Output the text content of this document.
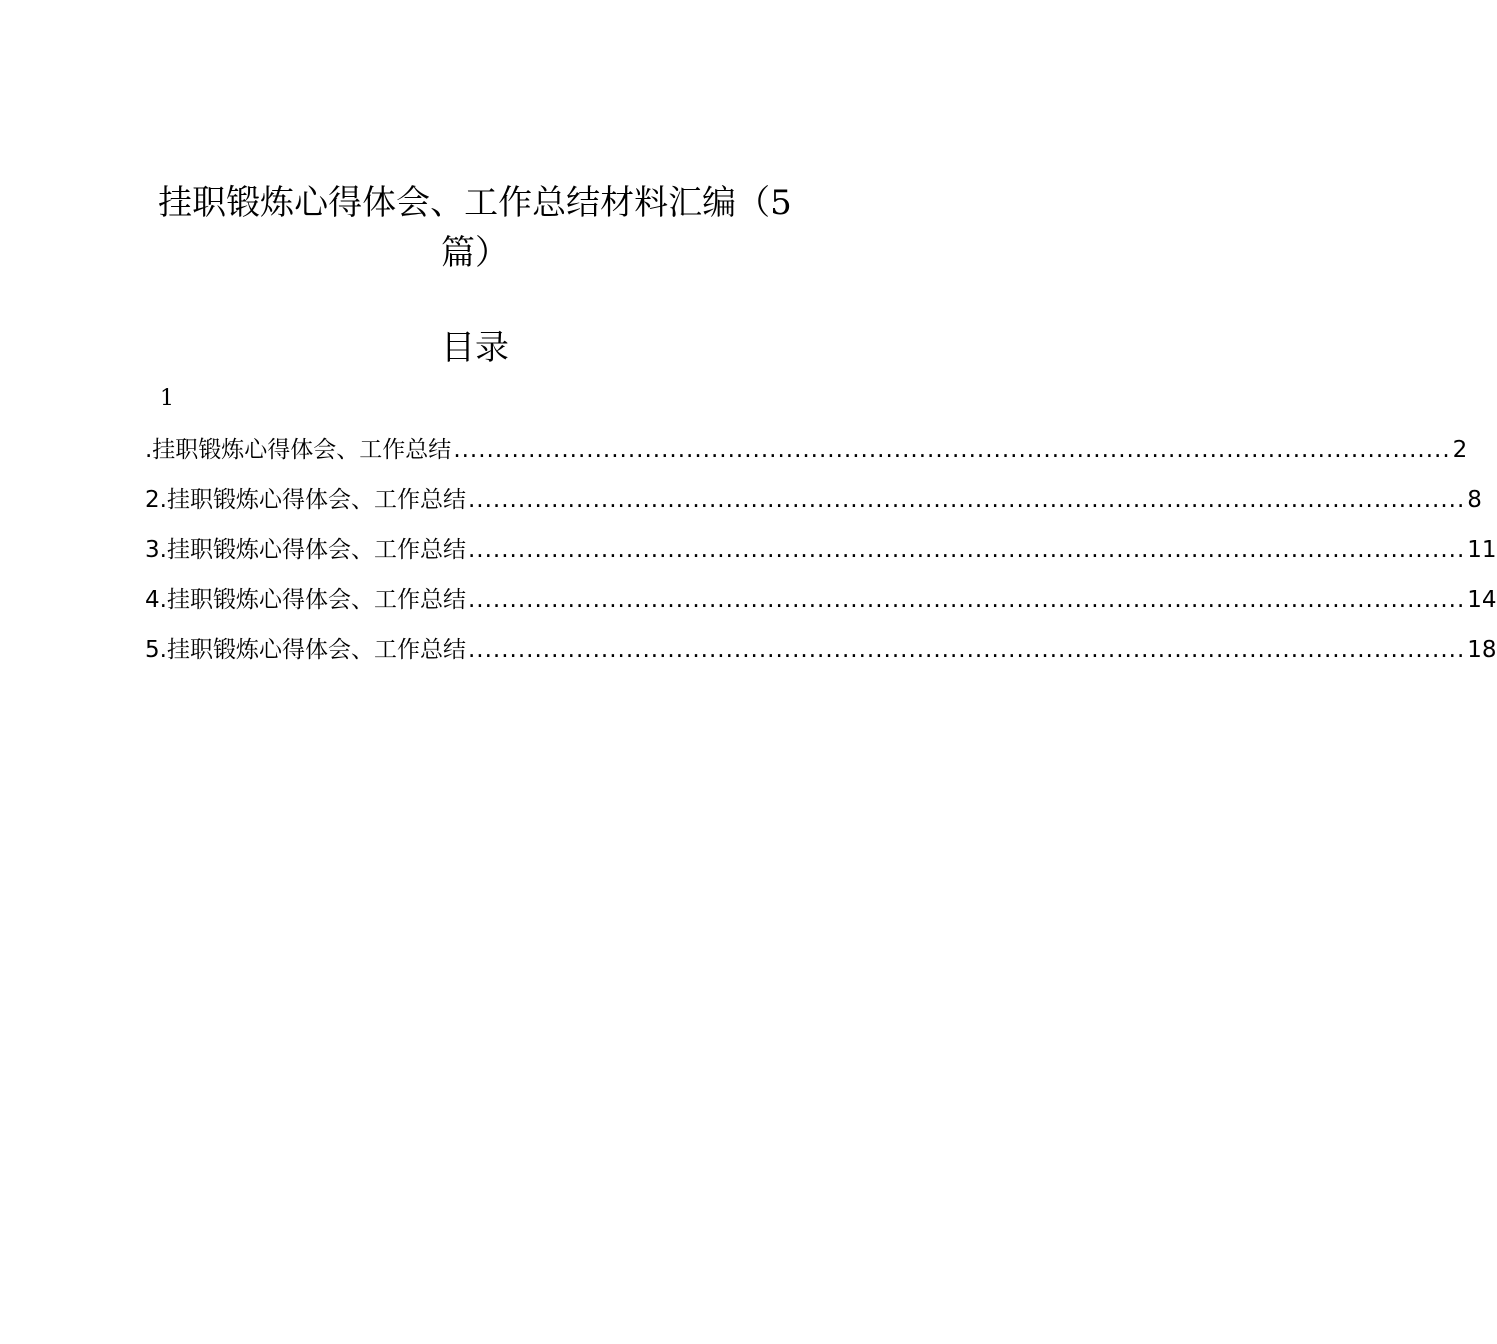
挂职锻炼心得体会、工作总结材料汇编（5
篇）
目录
1
.挂职锻炼心得体会、工作总结 ........................................................................................................................ 2
2.挂职锻炼心得体会、工作总结 ........................................................................................................................ 8
3.挂职锻炼心得体会、工作总结 ........................................................................................................................ 11
4.挂职锻炼心得体会、工作总结 ........................................................................................................................ 14
5.挂职锻炼心得体会、工作总结 ........................................................................................................................ 18
